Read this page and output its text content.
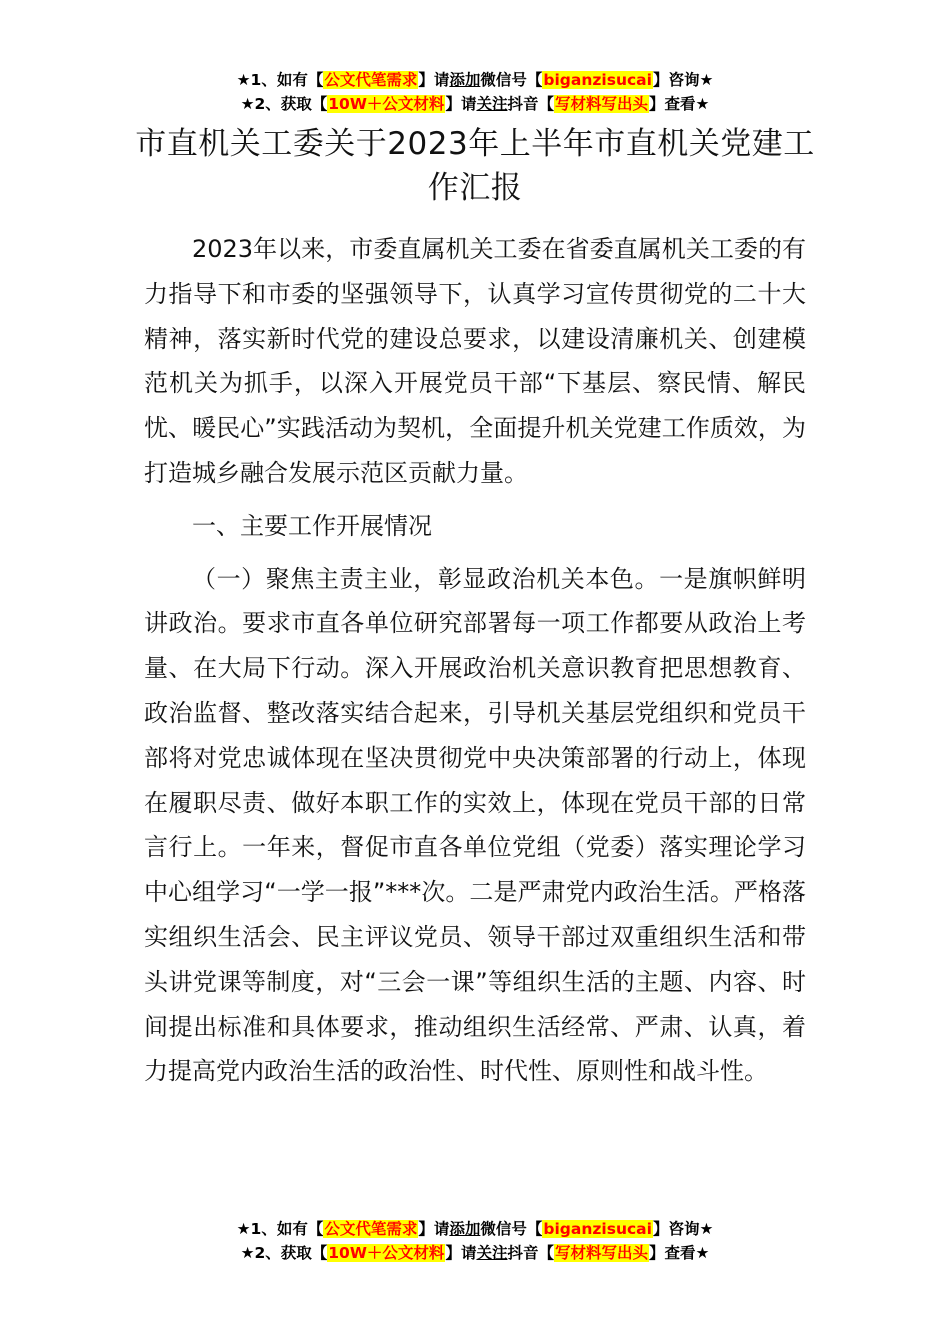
★1、如有【公文代笔需求】请添加微信号【biganzisucai】咨询★
★2、获取【10W＋公文材料】请关注抖音【写材料写出头】查看★
市直机关工委关于2023年上半年市直机关党建工作汇报

2023年以来，市委直属机关工委在省委直属机关工委的有力指导下和市委的坚强领导下，认真学习宣传贯彻党的二十大精神，落实新时代党的建设总要求，以建设清廉机关、创建模范机关为抓手，以深入开展党员干部“下基层、察民情、解民忧、暖民心”实践活动为契机，全面提升机关党建工作质效，为打造城乡融合发展示范区贡献力量。

一、主要工作开展情况

（一）聚焦主责主业，彰显政治机关本色。一是旗帜鲜明讲政治。要求市直各单位研究部署每一项工作都要从政治上考量、在大局下行动。深入开展政治机关意识教育把思想教育、政治监督、整改落实结合起来，引导机关基层党组织和党员干部将对党忠诚体现在坚决贯彻党中央决策部署的行动上，体现在履职尽责、做好本职工作的实效上，体现在党员干部的日常言行上。一年来，督促市直各单位党组（党委）落实理论学习中心组学习“一学一报”***次。二是严肃党内政治生活。严格落实组织生活会、民主评议党员、领导干部过双重组织生活和带头讲党课等制度，对“三会一课”等组织生活的主题、内容、时间提出标准和具体要求，推动组织生活经常、严肃、认真，着力提高党内政治生活的政治性、时代性、原则性和战斗性。

★1、如有【公文代笔需求】请添加微信号【biganzisucai】咨询★
★2、获取【10W＋公文材料】请关注抖音【写材料写出头】查看★
